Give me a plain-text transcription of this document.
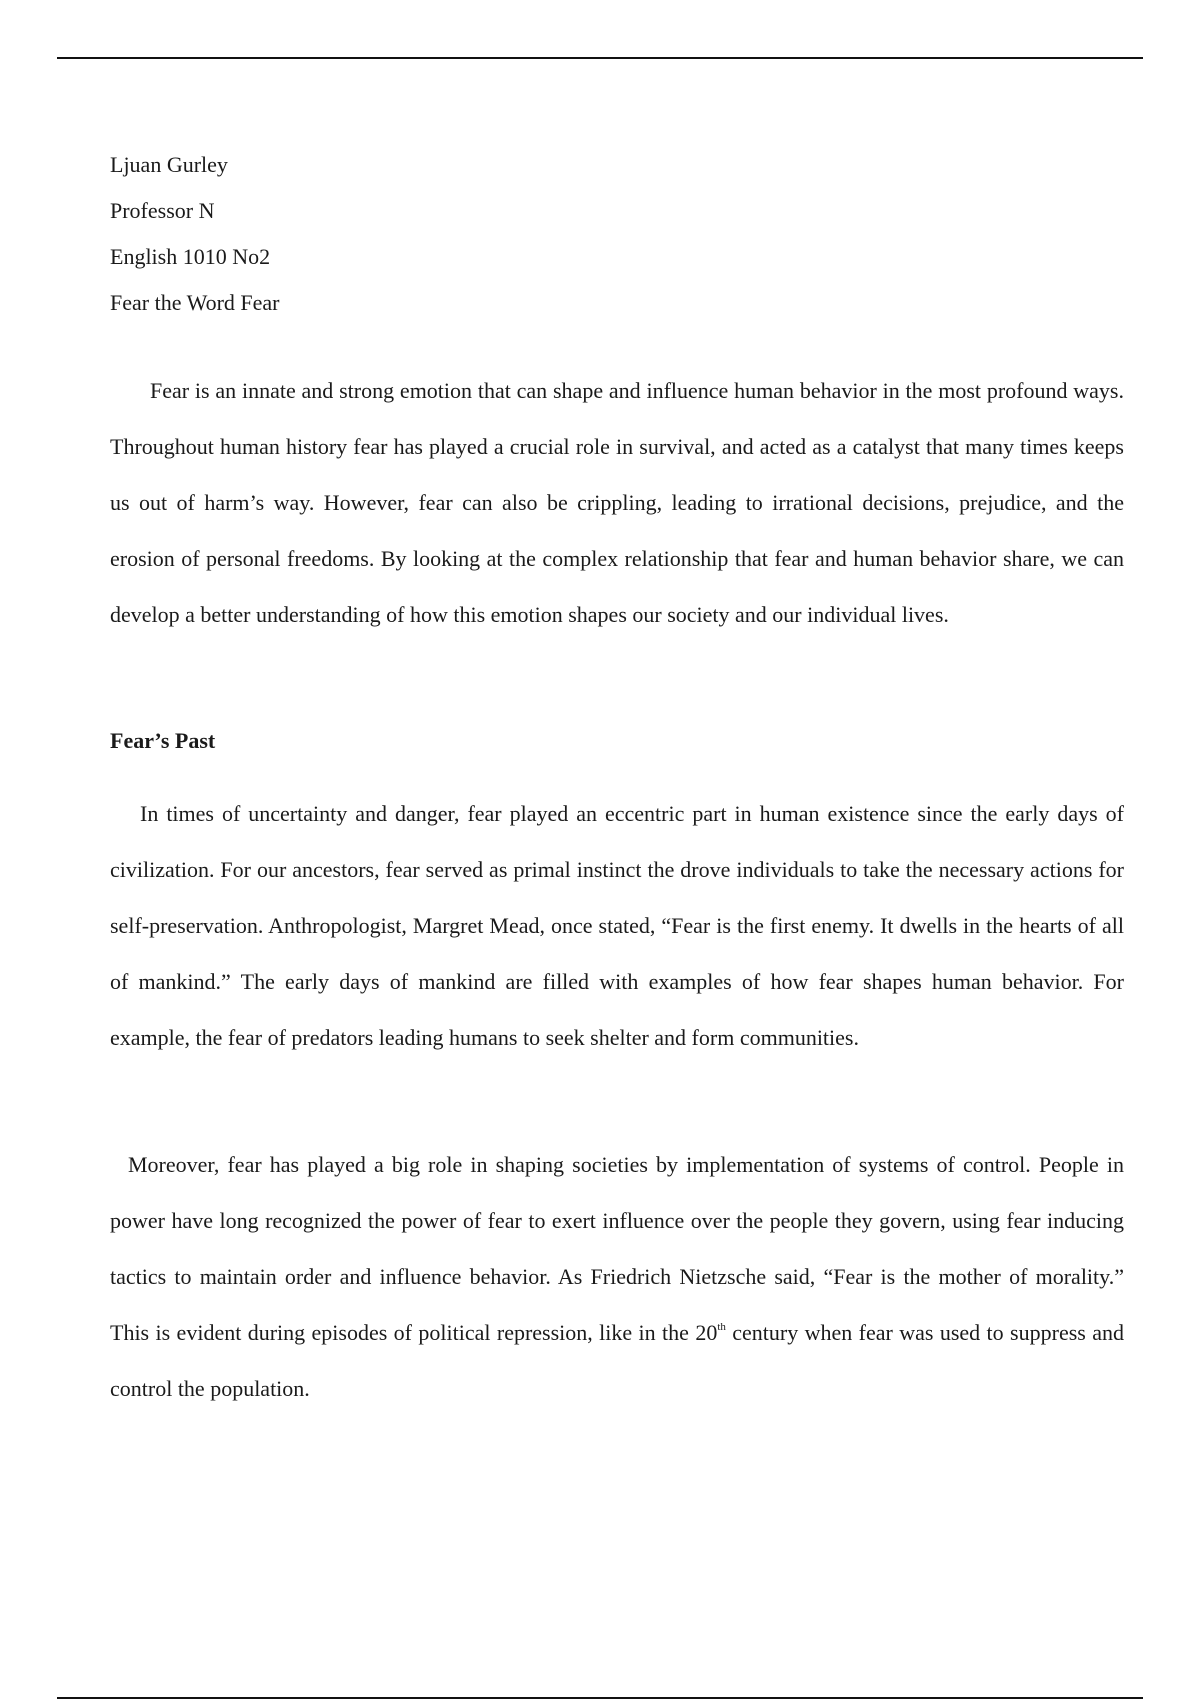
Ljuan Gurley
Professor N
English 1010 No2
Fear the Word Fear

Fear is an innate and strong emotion that can shape and influence human behavior in the most profound ways. Throughout human history fear has played a crucial role in survival, and acted as a catalyst that many times keeps us out of harm’s way. However, fear can also be crippling, leading to irrational decisions, prejudice, and the erosion of personal freedoms. By looking at the complex relationship that fear and human behavior share, we can develop a better understanding of how this emotion shapes our society and our individual lives.

Fear’s Past

In times of uncertainty and danger, fear played an eccentric part in human existence since the early days of civilization. For our ancestors, fear served as primal instinct the drove individuals to take the necessary actions for self-preservation. Anthropologist, Margret Mead, once stated, “Fear is the first enemy. It dwells in the hearts of all of mankind.” The early days of mankind are filled with examples of how fear shapes human behavior. For example, the fear of predators leading humans to seek shelter and form communities.

Moreover, fear has played a big role in shaping societies by implementation of systems of control. People in power have long recognized the power of fear to exert influence over the people they govern, using fear inducing tactics to maintain order and influence behavior. As Friedrich Nietzsche said, “Fear is the mother of morality.” This is evident during episodes of political repression, like in the 20th century when fear was used to suppress and control the population.
